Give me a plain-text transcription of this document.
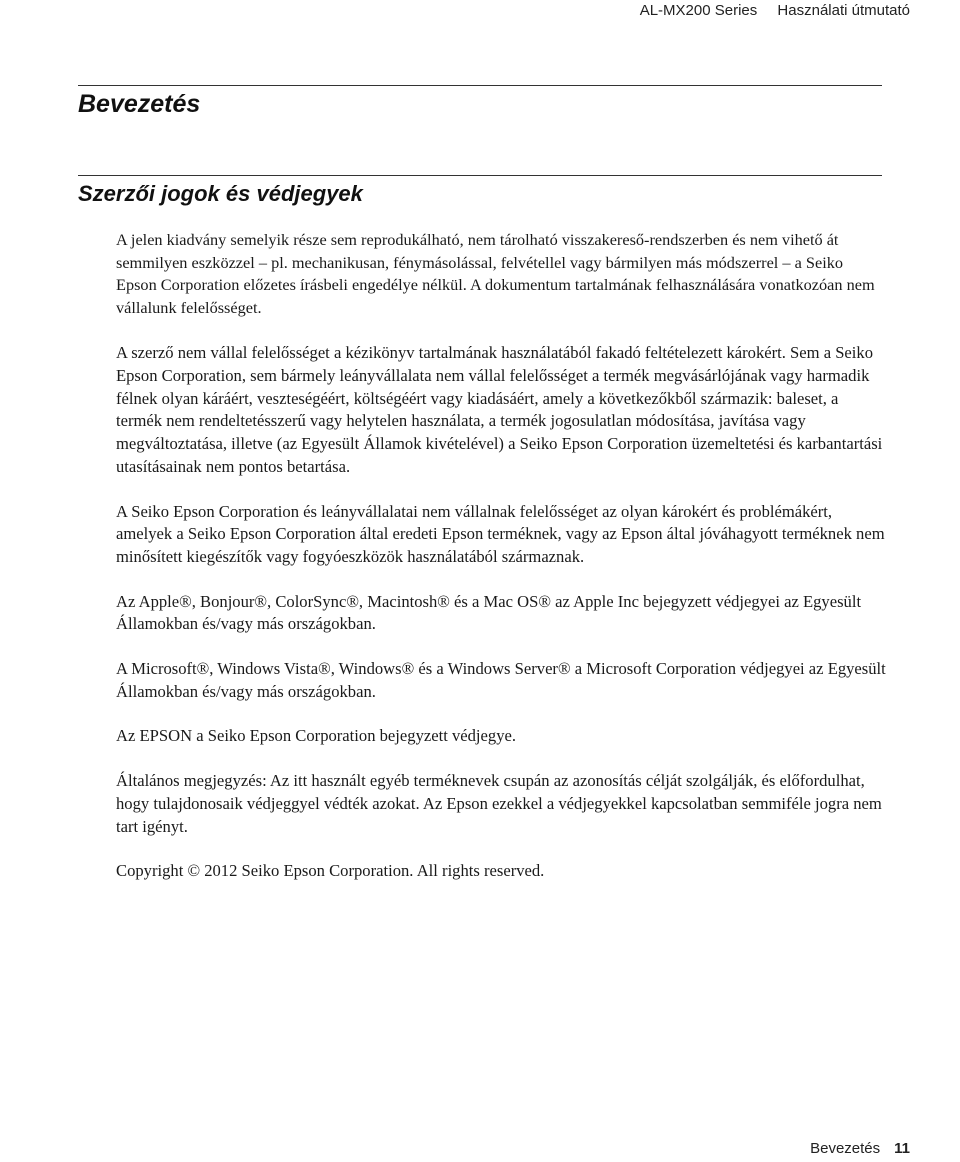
AL-MX200 Series Használati útmutató
Bevezetés
Szerzői jogok és védjegyek

A jelen kiadvány semelyik része sem reprodukálható, nem tárolható visszakereső-rendszerben és nem vihető át semmilyen eszközzel – pl. mechanikusan, fénymásolással, felvétellel vagy bármilyen más módszerrel – a Seiko Epson Corporation előzetes írásbeli engedélye nélkül. A dokumentum tartalmának felhasználására vonatkozóan nem vállalunk felelősséget.

A szerző nem vállal felelősséget a kézikönyv tartalmának használatából fakadó feltételezett károkért. Sem a Seiko Epson Corporation, sem bármely leányvállalata nem vállal felelősséget a termék megvásárlójának vagy harmadik félnek olyan káráért, veszteségéért, költségéért vagy kiadásáért, amely a következőkből származik: baleset, a termék nem rendeltetésszerű vagy helytelen használata, a termék jogosulatlan módosítása, javítása vagy megváltoztatása, illetve (az Egyesült Államok kivételével) a Seiko Epson Corporation üzemeltetési és karbantartási utasításainak nem pontos betartása.

A Seiko Epson Corporation és leányvállalatai nem vállalnak felelősséget az olyan károkért és problémákért, amelyek a Seiko Epson Corporation által eredeti Epson terméknek, vagy az Epson által jóváhagyott terméknek nem minősített kiegészítők vagy fogyóeszközök használatából származnak.

Az Apple®, Bonjour®, ColorSync®, Macintosh® és a Mac OS® az Apple Inc bejegyzett védjegyei az Egyesült Államokban és/vagy más országokban.

A Microsoft®, Windows Vista®, Windows® és a Windows Server® a Microsoft Corporation védjegyei az Egyesült Államokban és/vagy más országokban.

Az EPSON a Seiko Epson Corporation bejegyzett védjegye.

Általános megjegyzés: Az itt használt egyéb terméknevek csupán az azonosítás célját szolgálják, és előfordulhat, hogy tulajdonosaik védjeggyel védték azokat. Az Epson ezekkel a védjegyekkel kapcsolatban semmiféle jogra nem tart igényt.

Copyright © 2012 Seiko Epson Corporation. All rights reserved.

Bevezetés 11
